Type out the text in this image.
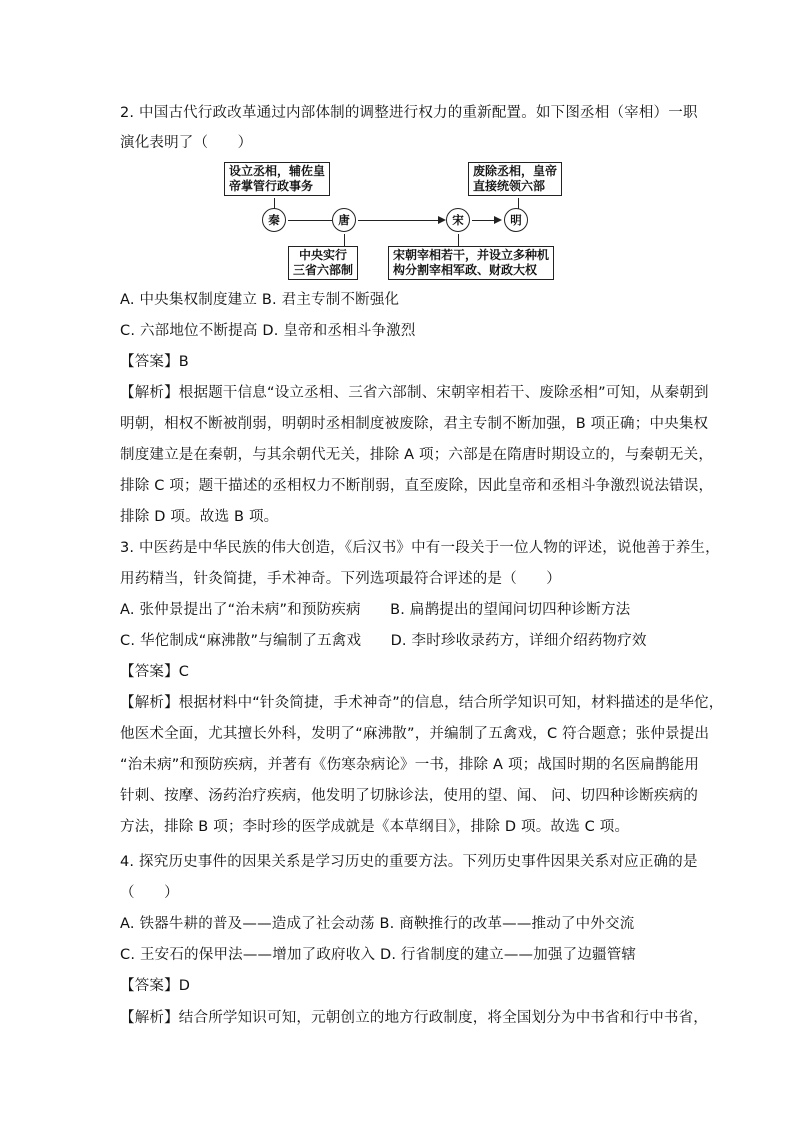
2. 中国古代行政改革通过内部体制的调整进行权力的重新配置。如下图丞相（宰相）一职
演化表明了（　　）
设立丞相，辅佐皇
帝掌管行政事务
废除丞相，皇帝
直接统领六部
秦	唐	宋	明
中央实行
三省六部制
宋朝宰相若干，并设立多种机
构分割宰相军政、财政大权
A. 中央集权制度建立 B. 君主专制不断强化
C. 六部地位不断提高 D. 皇帝和丞相斗争激烈
【答案】B
【解析】根据题干信息“设立丞相、三省六部制、宋朝宰相若干、废除丞相”可知，从秦朝到
明朝，相权不断被削弱，明朝时丞相制度被废除，君主专制不断加强，B 项正确；中央集权
制度建立是在秦朝，与其余朝代无关，排除 A 项；六部是在隋唐时期设立的，与秦朝无关，
排除 C 项；题干描述的丞相权力不断削弱，直至废除，因此皇帝和丞相斗争激烈说法错误，
排除 D 项。故选 B 项。
3. 中医药是中华民族的伟大创造，《后汉书》中有一段关于一位人物的评述，说他善于养生，
用药精当，针灸简捷，手术神奇。下列选项最符合评述的是（　　）
A. 张仲景提出了“治未病”和预防疾病　　B. 扁鹊提出的望闻问切四种诊断方法
C. 华佗制成“麻沸散”与编制了五禽戏　　D. 李时珍收录药方，详细介绍药物疗效
【答案】C
【解析】根据材料中“针灸简捷，手术神奇”的信息，结合所学知识可知，材料描述的是华佗，
他医术全面，尤其擅长外科，发明了“麻沸散”，并编制了五禽戏，C 符合题意；张仲景提出
“治未病”和预防疾病，并著有《伤寒杂病论》一书，排除 A 项；战国时期的名医扁鹊能用
针刺、按摩、汤药治疗疾病，他发明了切脉诊法，使用的望、闻、 问、切四种诊断疾病的
方法，排除 B 项；李时珍的医学成就是《本草纲目》，排除 D 项。故选 C 项。
4. 探究历史事件的因果关系是学习历史的重要方法。下列历史事件因果关系对应正确的是
（　　）
A. 铁器牛耕的普及——造成了社会动荡 B. 商鞅推行的改革——推动了中外交流
C. 王安石的保甲法——增加了政府收入 D. 行省制度的建立——加强了边疆管辖
【答案】D
【解析】结合所学知识可知，元朝创立的地方行政制度，将全国划分为中书省和行中书省，
